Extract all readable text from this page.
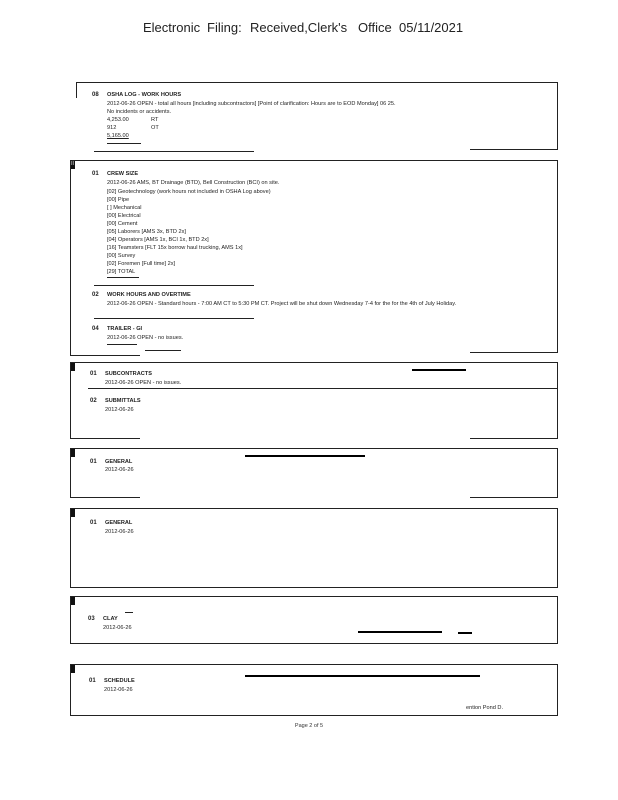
Electronic Filing: Received,Clerk's Office 05/11/2021
08 OSHA LOG - WORK HOURS
2012-06-26 OPEN - total all hours [including subcontractors] [Point of clarification: Hours are to EOD Monday] 06 25.
No incidents or accidents.
4,253.00	RT
912	OT
5,165.00
II
01 CREW SIZE
2012-06-26 AMS, BT Drainage (BTD), Bell Construction (BCI) on site.
[02] Geotechnology (work hours not included in OSHA Log above)
[00] Pipe
[ ] Mechanical
[00] Electrical
[00] Cement
[05] Laborers [AMS 3x, BTD 2x]
[04] Operators [AMS 1x, BCI 1x, BTD 2x]
[16] Teamsters [FLT 15x borrow haul trucking, AMS 1x]
[00] Survey
[02] Foremen [Full time] 2x]
[29] TOTAL
02 WORK HOURS AND OVERTIME
2012-06-26 OPEN - Standard hours - 7:00 AM CT to 5:30 PM CT. Project will be shut down Wednesday 7-4 for the for the 4th of July Holiday.
04 TRAILER - GI
2012-06-26 OPEN - no issues.
01 SUBCONTRACTS
2012-06-26 OPEN - no issues.
02 SUBMITTALS
2012-06-26
01 GENERAL
2012-06-26
01 GENERAL
2012-06-26
03 CLAY
2012-06-26
01 SCHEDULE
2012-06-26
ention Pond D.
Page 2 of 5
